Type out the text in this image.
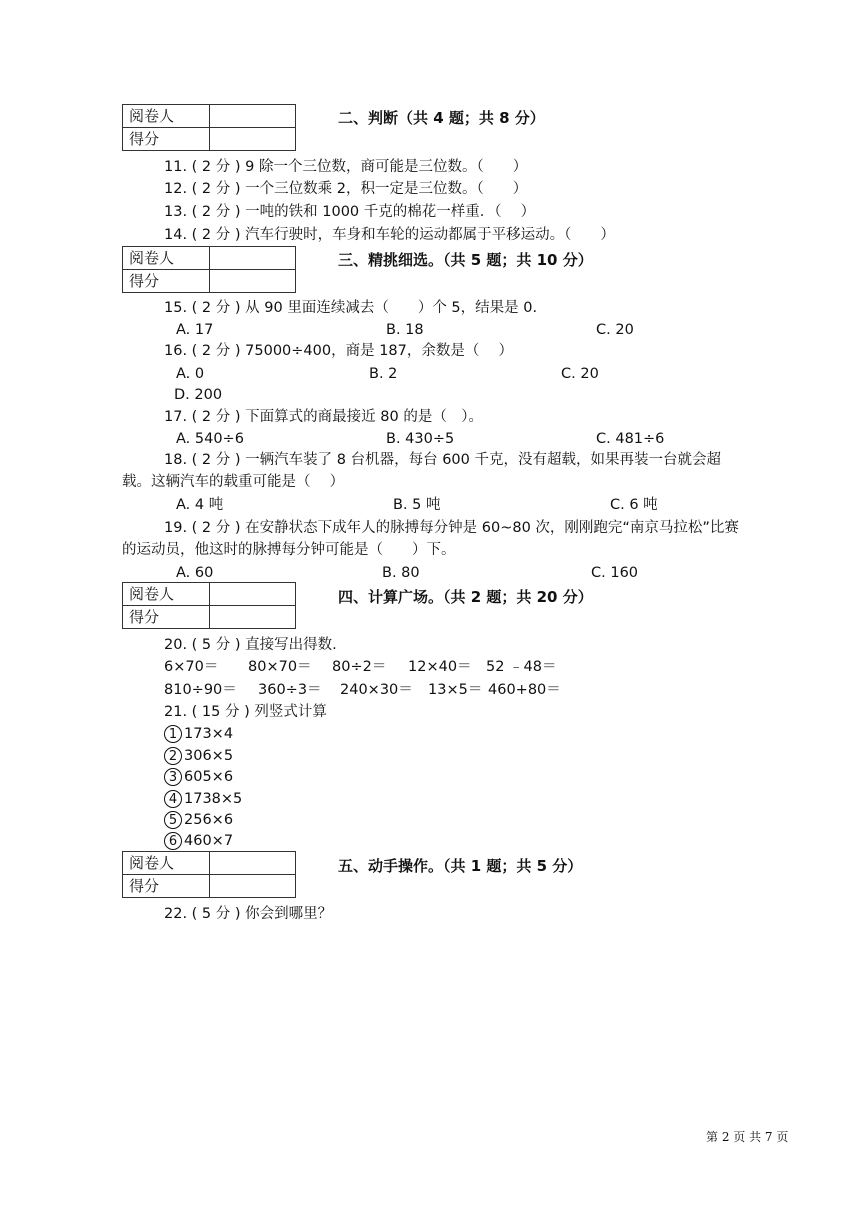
阅卷人	
得分	
二、判断（共 4 题；共 8 分）
11. ( 2 分 ) 9 除一个三位数，商可能是三位数。（　　）
12. ( 2 分 ) 一个三位数乘 2，积一定是三位数。（　　）
13. ( 2 分 ) 一吨的铁和 1000 千克的棉花一样重．（　 ）
14. ( 2 分 ) 汽车行驶时，车身和车轮的运动都属于平移运动。（　　）
阅卷人	
得分	
三、精挑细选。（共 5 题；共 10 分）
15. ( 2 分 ) 从 90 里面连续减去（　　）个 5，结果是 0.
A. 17	B. 18	C. 20
16. ( 2 分 ) 75000÷400，商是 187，余数是（　 ）
A. 0	B. 2	C. 20
D. 200
17. ( 2 分 ) 下面算式的商最接近 80 的是（　）。
A. 540÷6	B. 430÷5	C. 481÷6
18. ( 2 分 ) 一辆汽车装了 8 台机器，每台 600 千克，没有超载，如果再装一台就会超载。这辆汽车的载重可能是（　 ）
A. 4 吨	B. 5 吨	C. 6 吨
19. ( 2 分 ) 在安静状态下成年人的脉搏每分钟是 60~80 次，刚刚跑完“南京马拉松”比赛的运动员，他这时的脉搏每分钟可能是（　　）下。
A. 60	B. 80	C. 160
阅卷人	
得分	
四、计算广场。（共 2 题；共 20 分）
20. ( 5 分 ) 直接写出得数.
6×70＝ 80×70＝ 80÷2＝ 12×40＝ 52 ﹣48＝
810÷90＝ 360÷3＝ 240×30＝ 13×5＝ 460+80＝
21. ( 15 分 ) 列竖式计算
1 173×4
2 306×5
3 605×6
4 1738×5
5 256×6
6 460×7
阅卷人	
得分	
五、动手操作。（共 1 题；共 5 分）
22. ( 5 分 ) 你会到哪里？
第 2 页 共 7 页
